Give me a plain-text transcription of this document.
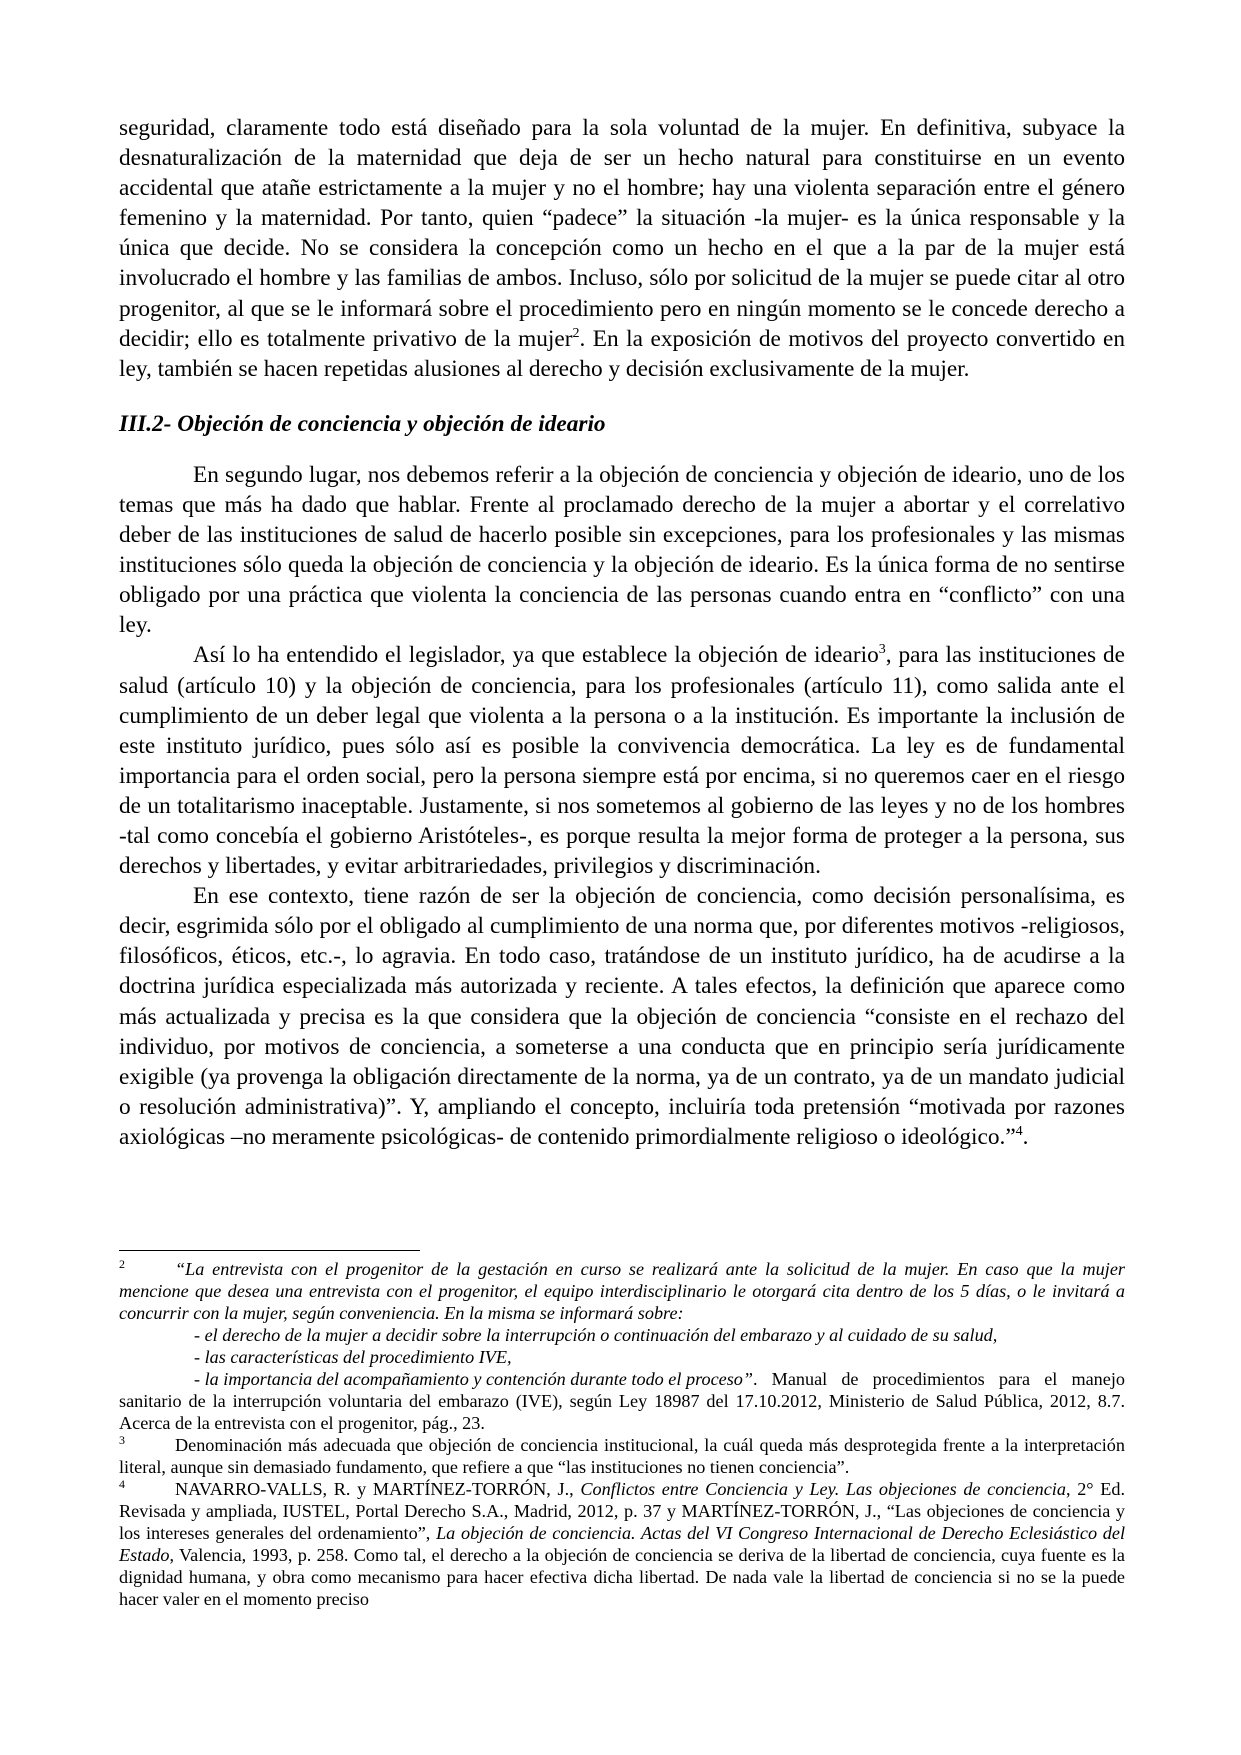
seguridad, claramente todo está diseñado para la sola voluntad de la mujer. En definitiva, subyace la desnaturalización de la maternidad que deja de ser un hecho natural para constituirse en un evento accidental que atañe estrictamente a la mujer y no el hombre; hay una violenta separación entre el género femenino y la maternidad. Por tanto, quien “padece” la situación -la mujer- es la única responsable y la única que decide. No se considera la concepción como un hecho en el que a la par de la mujer está involucrado el hombre y las familias de ambos. Incluso, sólo por solicitud de la mujer se puede citar al otro progenitor, al que se le informará sobre el procedimiento pero en ningún momento se le concede derecho a decidir; ello es totalmente privativo de la mujer$^2$. En la exposición de motivos del proyecto convertido en ley, también se hacen repetidas alusiones al derecho y decisión exclusivamente de la mujer.

III.2- Objeción de conciencia y objeción de ideario

En segundo lugar, nos debemos referir a la objeción de conciencia y objeción de ideario, uno de los temas que más ha dado que hablar. Frente al proclamado derecho de la mujer a abortar y el correlativo deber de las instituciones de salud de hacerlo posible sin excepciones, para los profesionales y las mismas instituciones sólo queda la objeción de conciencia y la objeción de ideario. Es la única forma de no sentirse obligado por una práctica que violenta la conciencia de las personas cuando entra en “conflicto” con una ley.

Así lo ha entendido el legislador, ya que establece la objeción de ideario$^3$, para las instituciones de salud (artículo 10) y la objeción de conciencia, para los profesionales (artículo 11), como salida ante el cumplimiento de un deber legal que violenta a la persona o a la institución. Es importante la inclusión de este instituto jurídico, pues sólo así es posible la convivencia democrática. La ley es de fundamental importancia para el orden social, pero la persona siempre está por encima, si no queremos caer en el riesgo de un totalitarismo inaceptable. Justamente, si nos sometemos al gobierno de las leyes y no de los hombres -tal como concebía el gobierno Aristóteles-, es porque resulta la mejor forma de proteger a la persona, sus derechos y libertades, y evitar arbitrariedades, privilegios y discriminación.

En ese contexto, tiene razón de ser la objeción de conciencia, como decisión personalísima, es decir, esgrimida sólo por el obligado al cumplimiento de una norma que, por diferentes motivos -religiosos, filosóficos, éticos, etc.-, lo agravia. En todo caso, tratándose de un instituto jurídico, ha de acudirse a la doctrina jurídica especializada más autorizada y reciente. A tales efectos, la definición que aparece como más actualizada y precisa es la que considera que la objeción de conciencia “consiste en el rechazo del individuo, por motivos de conciencia, a someterse a una conducta que en principio sería jurídicamente exigible (ya provenga la obligación directamente de la norma, ya de un contrato, ya de un mandato judicial o resolución administrativa)”. Y, ampliando el concepto, incluiría toda pretensión “motivada por razones axiológicas –no meramente psicológicas- de contenido primordialmente religioso o ideológico.”$^4$.

2	“La entrevista con el progenitor de la gestación en curso se realizará ante la solicitud de la mujer. En caso que la mujer mencione que desea una entrevista con el progenitor, el equipo interdisciplinario le otorgará cita dentro de los 5 días, o le invitará a concurrir con la mujer, según conveniencia. En la misma se informará sobre:

- el derecho de la mujer a decidir sobre la interrupción o continuación del embarazo y al cuidado de su salud,

- las características del procedimiento IVE,

- la importancia del acompañamiento y contención durante todo el proceso”. Manual de procedimientos para el manejo sanitario de la interrupción voluntaria del embarazo (IVE), según Ley 18987 del 17.10.2012, Ministerio de Salud Pública, 2012, 8.7. Acerca de la entrevista con el progenitor, pág., 23.

3	Denominación más adecuada que objeción de conciencia institucional, la cuál queda más desprotegida frente a la interpretación literal, aunque sin demasiado fundamento, que refiere a que “las instituciones no tienen conciencia”.

4	NAVARRO-VALLS, R. y MARTÍNEZ-TORRÓN, J., Conflictos entre Conciencia y Ley. Las objeciones de conciencia, 2° Ed. Revisada y ampliada, IUSTEL, Portal Derecho S.A., Madrid, 2012, p. 37 y MARTÍNEZ-TORRÓN, J., “Las objeciones de conciencia y los intereses generales del ordenamiento”, La objeción de conciencia. Actas del VI Congreso Internacional de Derecho Eclesiástico del Estado, Valencia, 1993, p. 258. Como tal, el derecho a la objeción de conciencia se deriva de la libertad de conciencia, cuya fuente es la dignidad humana, y obra como mecanismo para hacer efectiva dicha libertad. De nada vale la libertad de conciencia si no se la puede hacer valer en el momento preciso
